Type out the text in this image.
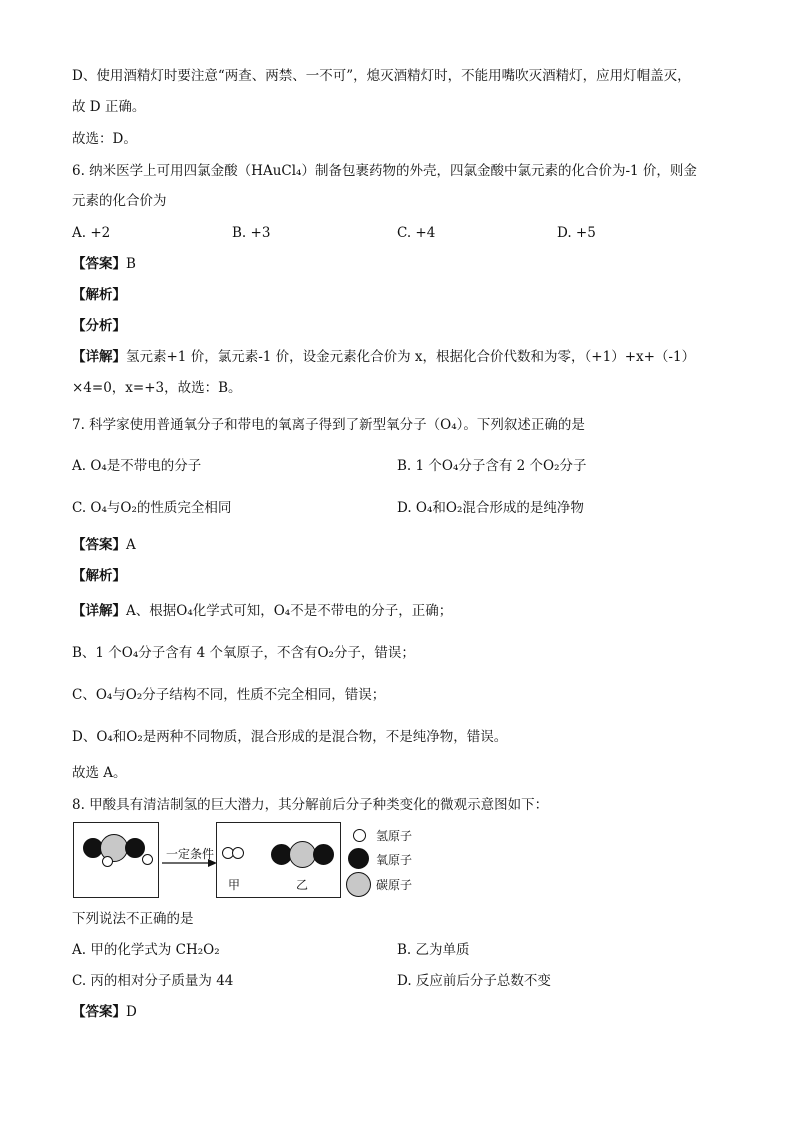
D、使用酒精灯时要注意“两查、两禁、一不可”，熄灭酒精灯时，不能用嘴吹灭酒精灯，应用灯帽盖灭，
故 D 正确。
故选：D。
6. 纳米医学上可用四氯金酸（HAuCl₄）制备包裹药物的外壳，四氯金酸中氯元素的化合价为-1 价，则金
元素的化合价为
A. +2	B. +3	C. +4	D. +5
【答案】B
【解析】
【分析】
【详解】氢元素+1 价，氯元素-1 价，设金元素化合价为 x，根据化合价代数和为零，（+1）+x+（-1）
×4=0，x=+3，故选：B。
7. 科学家使用普通氧分子和带电的氧离子得到了新型氧分子（O₄）。下列叙述正确的是
A. O₄是不带电的分子	B. 1 个O₄分子含有 2 个O₂分子
C. O₄与O₂的性质完全相同	D. O₄和O₂混合形成的是纯净物
【答案】A
【解析】
【详解】A、根据O₄化学式可知，O₄不是不带电的分子，正确；
B、1 个O₄分子含有 4 个氧原子，不含有O₂分子，错误；
C、O₄与O₂分子结构不同，性质不完全相同，错误；
D、O₄和O₂是两种不同物质，混合形成的是混合物，不是纯净物，错误。
故选 A。
8. 甲酸具有清洁制氢的巨大潜力，其分解前后分子种类变化的微观示意图如下：
一定条件
甲	乙
氢原子
氧原子
碳原子
下列说法不正确的是
A. 甲的化学式为 CH₂O₂	B. 乙为单质
C. 丙的相对分子质量为 44	D. 反应前后分子总数不变
【答案】D
